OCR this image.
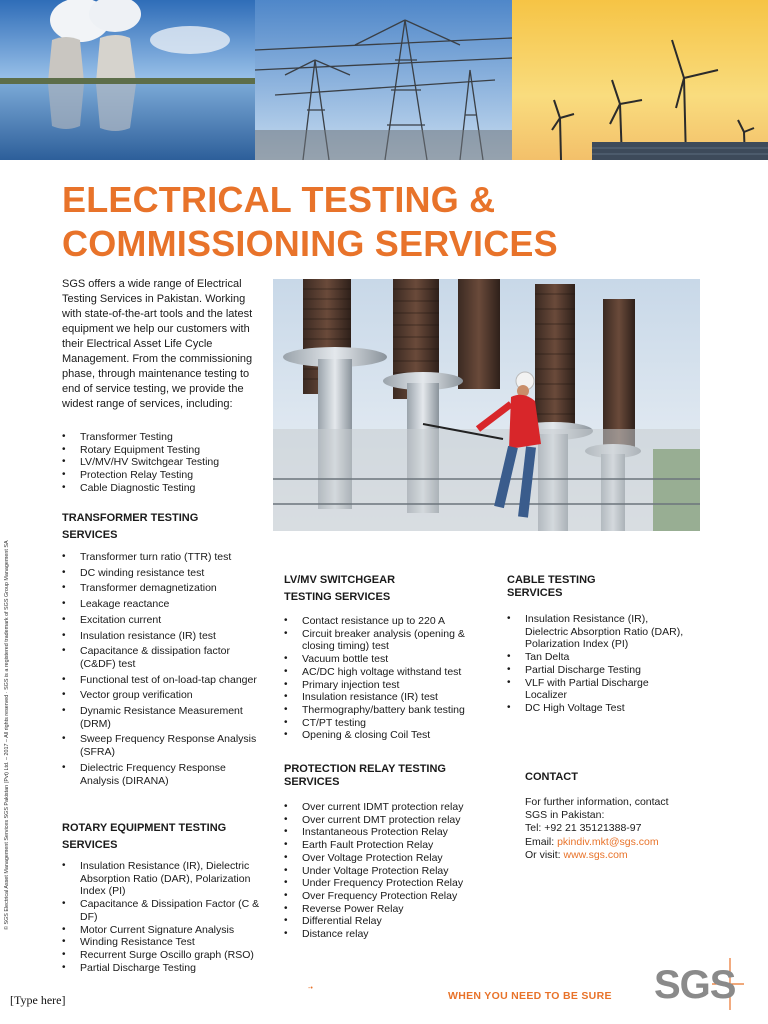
ELECTRICAL TESTING &
COMMISSIONING SERVICES
© SGS Electrical Asset Management Services SGS Pakistan (Pvt) Ltd. – 2017 – All rights reserved · SGS is a registered trademark of SGS Group Management SA

SGS offers a wide range of Electrical Testing Services in Pakistan. Working with state-of-the-art tools and the latest equipment we help our customers with their Electrical Asset Life Cycle Management. From the commissioning phase, through maintenance testing to end of service testing, we provide the widest range of services, including:

• Transformer Testing
• Rotary Equipment Testing
• LV/MV/HV Switchgear Testing
• Protection Relay Testing
• Cable Diagnostic Testing
TRANSFORMER TESTING
SERVICES
• Transformer turn ratio (TTR) test
• DC winding resistance test
• Transformer demagnetization
• Leakage reactance
• Excitation current
• Insulation resistance (IR) test
• Capacitance & dissipation factor (C&DF) test
• Functional test of on-load-tap changer
• Vector group verification
• Dynamic Resistance Measurement (DRM)
• Sweep Frequency Response Analysis (SFRA)
• Dielectric Frequency Response Analysis (DIRANA)
ROTARY EQUIPMENT TESTING
SERVICES
• Insulation Resistance (IR), Dielectric Absorption Ratio (DAR), Polarization Index (PI)
• Capacitance & Dissipation Factor (C & DF)
• Motor Current Signature Analysis
• Winding Resistance Test
• Recurrent Surge Oscillo graph (RSO)
• Partial Discharge Testing
LV/MV SWITCHGEAR
TESTING SERVICES
• Contact resistance up to 220 A
• Circuit breaker analysis (opening & closing timing) test
• Vacuum bottle test
• AC/DC high voltage withstand test
• Primary injection test
• Insulation resistance (IR) test
• Thermography/battery bank testing
• CT/PT testing
• Opening & closing Coil Test
PROTECTION RELAY TESTING
SERVICES
• Over current IDMT protection relay
• Over current DMT protection relay
• Instantaneous Protection Relay
• Earth Fault Protection Relay
• Over Voltage Protection Relay
• Under Voltage Protection Relay
• Under Frequency Protection Relay
• Over Frequency Protection Relay
• Reverse Power Relay
• Differential Relay
• Distance relay
CABLE TESTING
SERVICES
• Insulation Resistance (IR), Dielectric Absorption Ratio (DAR), Polarization Index (PI)
• Tan Delta
• Partial Discharge Testing
• VLF with Partial Discharge Localizer
• DC High Voltage Test
CONTACT
For further information, contact
SGS in Pakistan:
Tel: +92 21 35121388-97
Email: pkindiv.mkt@sgs.com
Or visit: www.sgs.com
[Type here]
-•
WHEN YOU NEED TO BE SURE SGS
